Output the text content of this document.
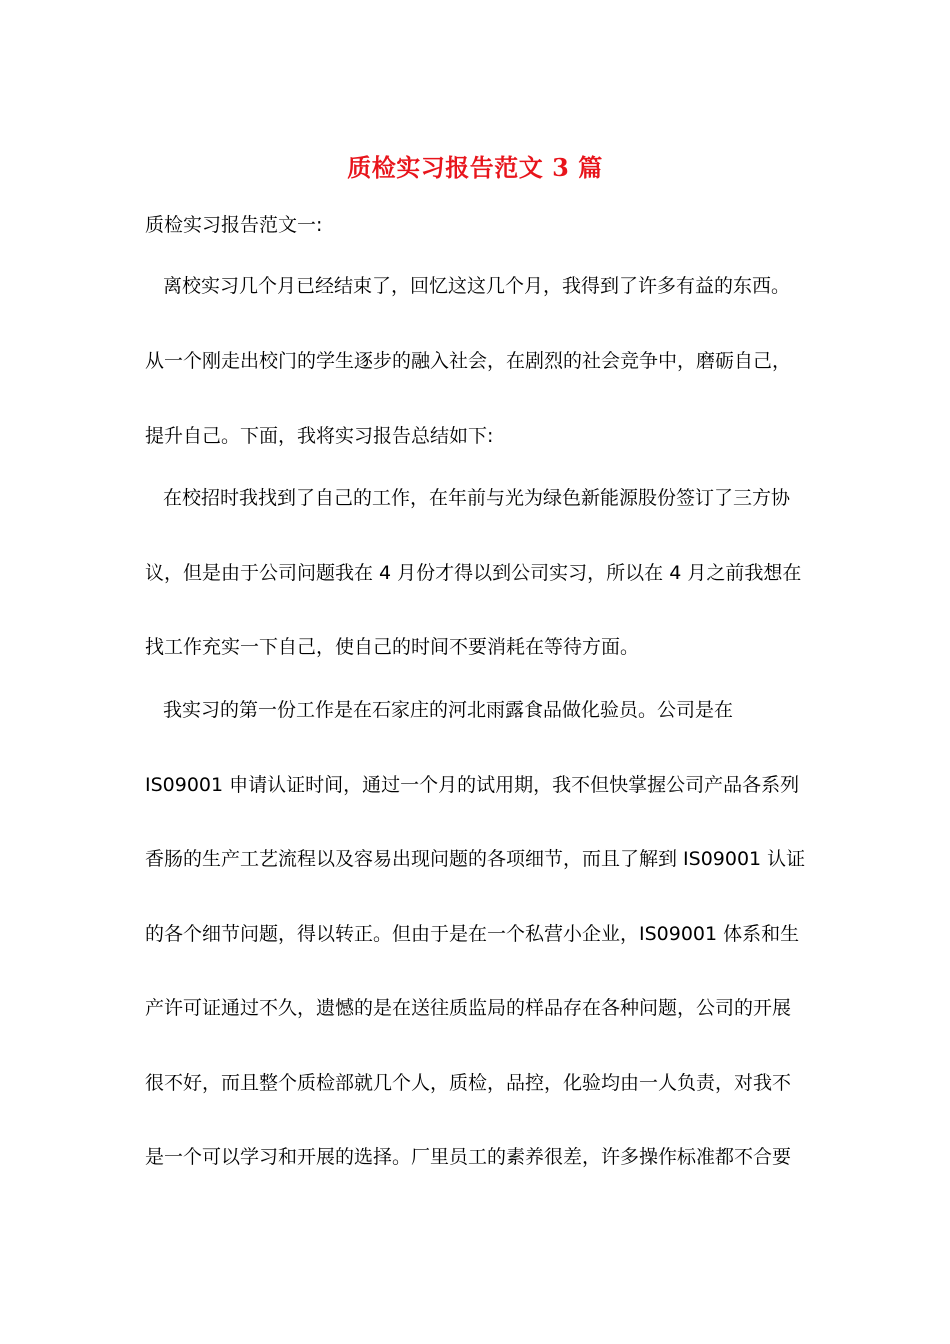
质检实习报告范文 3 篇
质检实习报告范文一:
离校实习几个月已经结束了，回忆这这几个月，我得到了许多有益的东西。
从一个刚走出校门的学生逐步的融入社会，在剧烈的社会竞争中，磨砺自己，
提升自己。下面，我将实习报告总结如下:
在校招时我找到了自己的工作，在年前与光为绿色新能源股份签订了三方协
议，但是由于公司问题我在 4 月份才得以到公司实习，所以在 4 月之前我想在
找工作充实一下自己，使自己的时间不要消耗在等待方面。
我实习的第一份工作是在石家庄的河北雨露食品做化验员。公司是在
IS09001 申请认证时间，通过一个月的试用期，我不但快掌握公司产品各系列
香肠的生产工艺流程以及容易出现问题的各项细节，而且了解到 IS09001 认证
的各个细节问题，得以转正。但由于是在一个私营小企业，IS09001 体系和生
产许可证通过不久，遗憾的是在送往质监局的样品存在各种问题，公司的开展
很不好，而且整个质检部就几个人，质检，品控，化验均由一人负责，对我不
是一个可以学习和开展的选择。厂里员工的素养很差，许多操作标准都不合要
